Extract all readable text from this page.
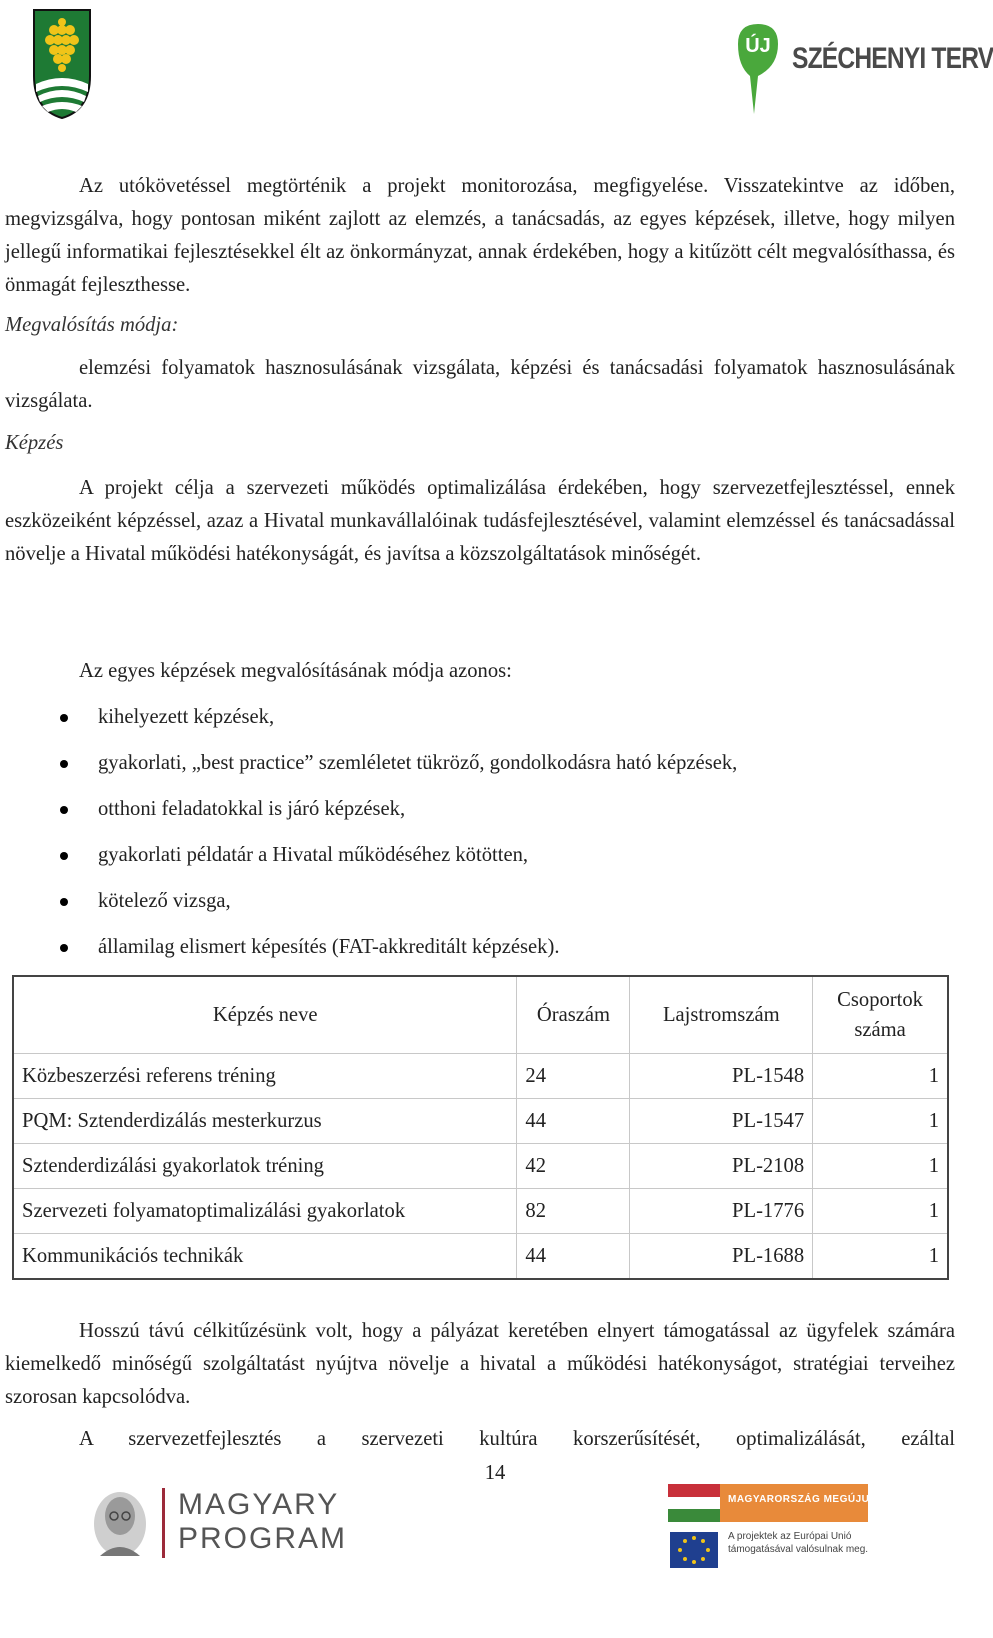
ÚJ SZÉCHENYI TERV
Az utókövetéssel megtörténik a projekt monitorozása, megfigyelése. Visszatekintve az időben, megvizsgálva, hogy pontosan miként zajlott az elemzés, a tanácsadás, az egyes képzések, illetve, hogy milyen jellegű informatikai fejlesztésekkel élt az önkormányzat, annak érdekében, hogy a kitűzött célt megvalósíthassa, és önmagát fejleszthesse.
Megvalósítás módja:
elemzési folyamatok hasznosulásának vizsgálata, képzési és tanácsadási folyamatok hasznosulásának vizsgálata.
Képzés
A projekt célja a szervezeti működés optimalizálása érdekében, hogy szervezetfejlesztéssel, ennek eszközeiként képzéssel, azaz a Hivatal munkavállalóinak tudásfejlesztésével, valamint elemzéssel és tanácsadással növelje a Hivatal működési hatékonyságát, és javítsa a közszolgáltatások minőségét.
Az egyes képzések megvalósításának módja azonos:
kihelyezett képzések,
gyakorlati, „best practice” szemléletet tükröző, gondolkodásra ható képzések,
otthoni feladatokkal is járó képzések,
gyakorlati példatár a Hivatal működéséhez kötötten,
kötelező vizsga,
államilag elismert képesítés (FAT-akkreditált képzések).
Képzés neve	Óraszám	Lajstromszám	Csoportok száma
Közbeszerzési referens tréning	24	PL-1548	1
PQM: Sztenderdizálás mesterkurzus	44	PL-1547	1
Sztenderdizálási gyakorlatok tréning	42	PL-2108	1
Szervezeti folyamatoptimalizálási gyakorlatok	82	PL-1776	1
Kommunikációs technikák	44	PL-1688	1
Hosszú távú célkitűzésünk volt, hogy a pályázat keretében elnyert támogatással az ügyfelek számára kiemelkedő minőségű szolgáltatást nyújtva növelje a hivatal a működési hatékonyságot, stratégiai terveihez szorosan kapcsolódva.
A szervezetfejlesztés a szervezeti kultúra korszerűsítését, optimalizálását, ezáltal
14
MAGYARY
PROGRAM
MAGYARORSZÁG MEGÚJUL
A projektek az Európai Unió
támogatásával valósulnak meg.
